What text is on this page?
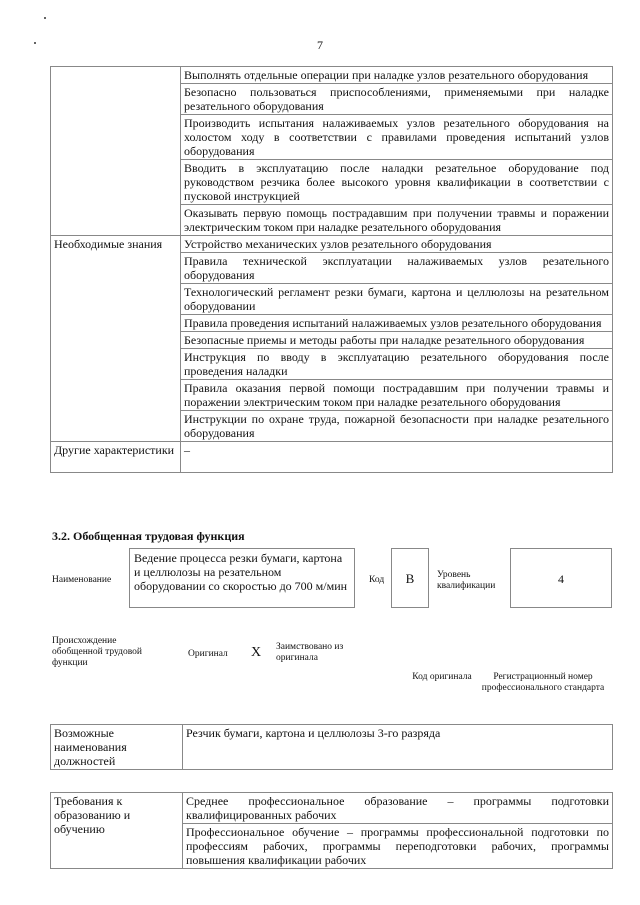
7
	Выполнять отдельные операции при наладке узлов резательного оборудования
	Безопасно пользоваться приспособлениями, применяемыми при наладке резательного оборудования
	Производить испытания налаживаемых узлов резательного оборудования на холостом ходу в соответствии с правилами проведения испытаний узлов оборудования
	Вводить в эксплуатацию после наладки резательное оборудование под руководством резчика более высокого уровня квалификации в соответствии с пусковой инструкцией
	Оказывать первую помощь пострадавшим при получении травмы и поражении электрическим током при наладке резательного оборудования
Необходимые знания	Устройство механических узлов резательного оборудования
	Правила технической эксплуатации налаживаемых узлов резательного оборудования
	Технологический регламент резки бумаги, картона и целлюлозы на резательном оборудовании
	Правила проведения испытаний налаживаемых узлов резательного оборудования
	Безопасные приемы и методы работы при наладке резательного оборудования
	Инструкция по вводу в эксплуатацию резательного оборудования после проведения наладки
	Правила оказания первой помощи пострадавшим при получении травмы и поражении электрическим током при наладке резательного оборудования
	Инструкции по охране труда, пожарной безопасности при наладке резательного оборудования
Другие характеристики	–
3.2. Обобщенная трудовая функция
Наименование
Ведение процесса резки бумаги, картона и целлюлозы на резательном оборудовании со скоростью до 700 м/мин	Код	B	Уровень квалификации	4
Происхождение обобщенной трудовой функции
Оригинал X Заимствовано из оригинала
Код оригинала	Регистрационный номер профессионального стандарта
Возможные наименования должностей	Резчик бумаги, картона и целлюлозы 3-го разряда
Требования к образованию и обучению	Среднее профессиональное образование – программы подготовки квалифицированных рабочих
Профессиональное обучение – программы профессиональной подготовки по профессиям рабочих, программы переподготовки рабочих, программы повышения квалификации рабочих
